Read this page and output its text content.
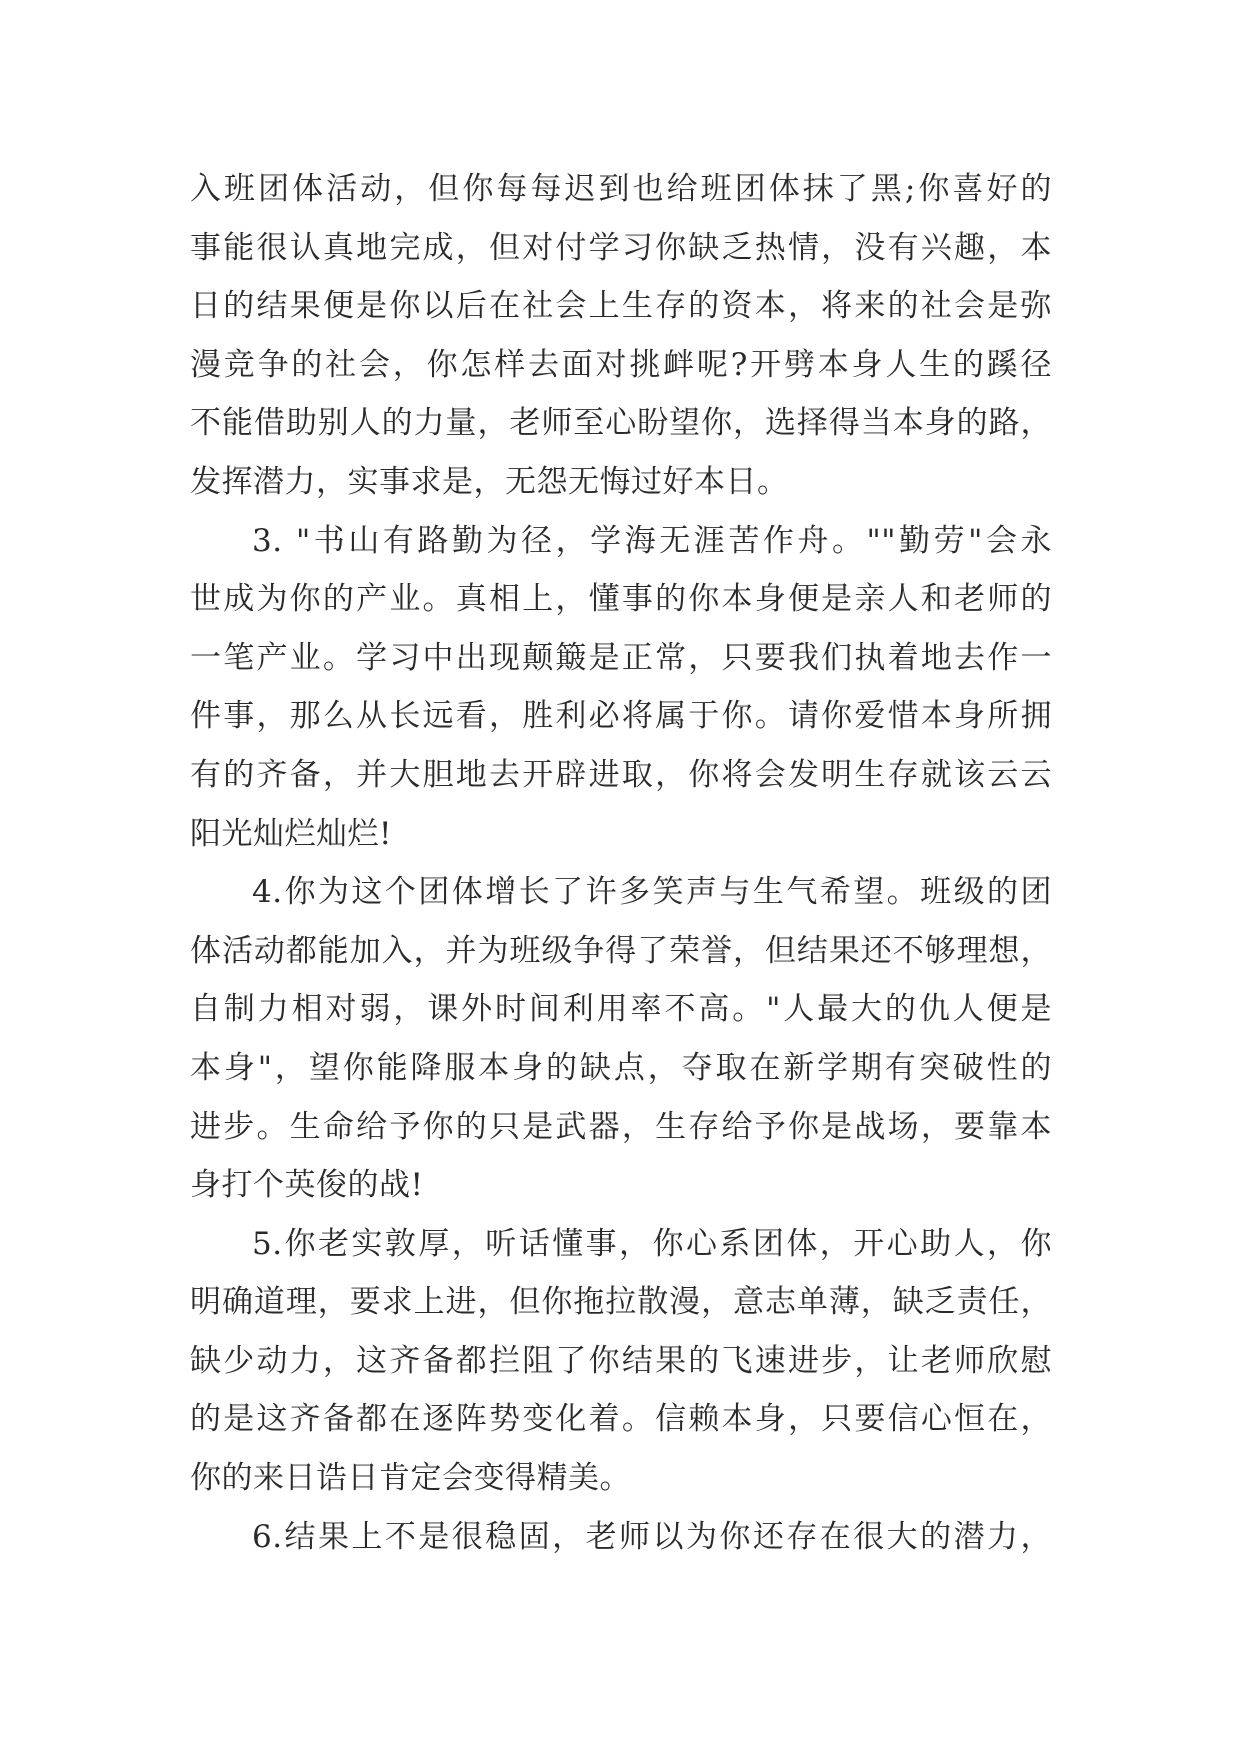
入班团体活动，但你每每迟到也给班团体抹了黑;你喜好的
事能很认真地完成，但对付学习你缺乏热情，没有兴趣，本
日的结果便是你以后在社会上生存的资本，将来的社会是弥
漫竞争的社会，你怎样去面对挑衅呢?开劈本身人生的蹊径
不能借助别人的力量，老师至心盼望你，选择得当本身的路，
发挥潜力，实事求是，无怨无悔过好本日。
3. "书山有路勤为径，学海无涯苦作舟。""勤劳"会永
世成为你的产业。真相上，懂事的你本身便是亲人和老师的
一笔产业。学习中出现颠簸是正常，只要我们执着地去作一
件事，那么从长远看，胜利必将属于你。请你爱惜本身所拥
有的齐备，并大胆地去开辟进取，你将会发明生存就该云云
阳光灿烂灿烂!
4.你为这个团体增长了许多笑声与生气希望。班级的团
体活动都能加入，并为班级争得了荣誉，但结果还不够理想，
自制力相对弱，课外时间利用率不高。"人最大的仇人便是
本身"，望你能降服本身的缺点，夺取在新学期有突破性的
进步。生命给予你的只是武器，生存给予你是战场，要靠本
身打个英俊的战!
5.你老实敦厚，听话懂事，你心系团体，开心助人，你
明确道理，要求上进，但你拖拉散漫，意志单薄，缺乏责任，
缺少动力，这齐备都拦阻了你结果的飞速进步，让老师欣慰
的是这齐备都在逐阵势变化着。信赖本身，只要信心恒在，
你的来日诰日肯定会变得精美。
6.结果上不是很稳固，老师以为你还存在很大的潜力，
